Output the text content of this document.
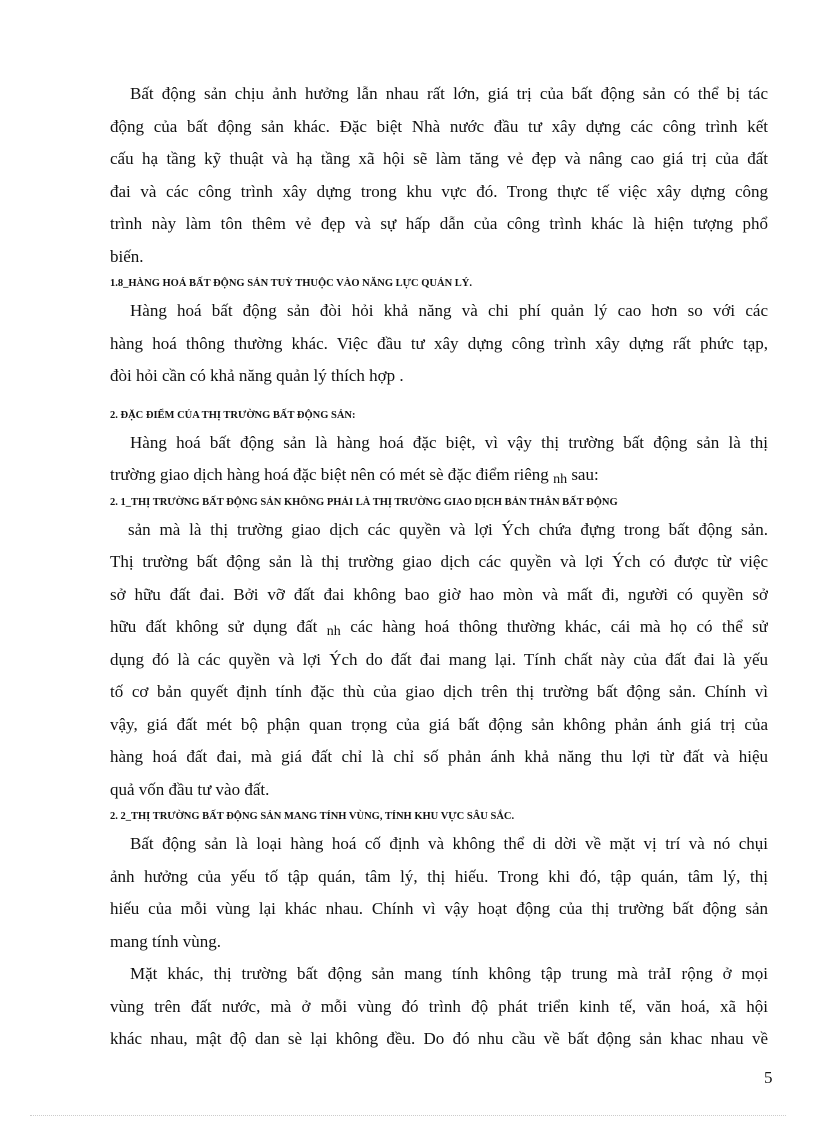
Bất động sản chịu ảnh hưởng lẫn nhau rất lớn, giá trị của bất động sản có thể bị tác
động của bất động sản khác. Đặc biệt Nhà nước đầu tư xây dựng các công trình kết
cấu hạ tầng kỹ thuật và hạ tầng xã hội sẽ làm tăng vẻ đẹp và nâng cao giá trị của đất
đai và các công trình xây dựng trong khu vực đó. Trong thực tế việc xây dựng công
trình này làm tôn thêm vẻ đẹp và sự hấp dẫn của công trình khác là hiện tượng phổ
biến.
1.8_HÀNG HOÁ BẤT ĐỘNG SẢN TUỲ THUỘC VÀO NĂNG LỰC QUẢN LÝ.
Hàng hoá bất động sản đòi hỏi khả năng và chi phí quản lý cao hơn so với các
hàng hoá thông thường khác. Việc đầu tư xây dựng công trình xây dựng rất phức tạp,
đòi hỏi cần có khả năng quản lý thích hợp .
2. ĐẶC ĐIỂM CỦA THỊ TRƯỜNG BẤT ĐỘNG SẢN:
Hàng hoá bất động sản là hàng hoá đặc biệt, vì vậy thị trường bất động sản là thị
trường giao dịch hàng hoá đặc biệt nên có mét sè đặc điểm riêng $_{nh}$ sau:
2. 1_THỊ TRƯỜNG BẤT ĐỘNG SẢN KHÔNG PHẢI LÀ THỊ TRƯỜNG GIAO DỊCH BẢN THÂN BẤT ĐỘNG
sản mà là thị trường giao dịch các quyền và lợi Ých chứa đựng trong bất động sản.
Thị trường bất động sản là thị trường giao dịch các quyền và lợi Ých có được từ việc
sở hữu đất đai. Bởi vỡ đất đai không bao giờ hao mòn và mất đi, người có quyền sở
hữu đất không sử dụng đất $_{nh}$ các hàng hoá thông thường khác, cái mà họ có thể sử
dụng đó là các quyền và lợi Ých do đất đai mang lại. Tính chất này của đất đai là yếu
tố cơ bản quyết định tính đặc thù của giao dịch trên thị trường bất động sản. Chính vì
vậy, giá đất mét bộ phận quan trọng của giá bất động sản không phản ánh giá trị của
hàng hoá đất đai, mà giá đất chỉ là chỉ số phản ánh khả năng thu lợi từ đất và hiệu
quả vốn đầu tư vào đất.
2. 2_THỊ TRƯỜNG BẤT ĐỘNG SẢN MANG TÍNH VÙNG, TÍNH KHU VỰC SÂU SẮC.
Bất động sản là loại hàng hoá cố định và không thể di dời về mặt vị trí và nó chụi
ảnh hưởng của yếu tố tập quán, tâm lý, thị hiếu. Trong khi đó, tập quán, tâm lý, thị
hiếu của mỗi vùng lại khác nhau. Chính vì vậy hoạt động của thị trường bất động sản
mang tính vùng.
Mặt khác, thị trường bất động sản mang tính không tập trung mà trảI rộng ở mọi
vùng trên đất nước, mà ở mỗi vùng đó trình độ phát triển kinh tế, văn hoá, xã hội
khác nhau, mật độ dan sè lại không đều. Do đó nhu cầu về bất động sản khac nhau về
5
